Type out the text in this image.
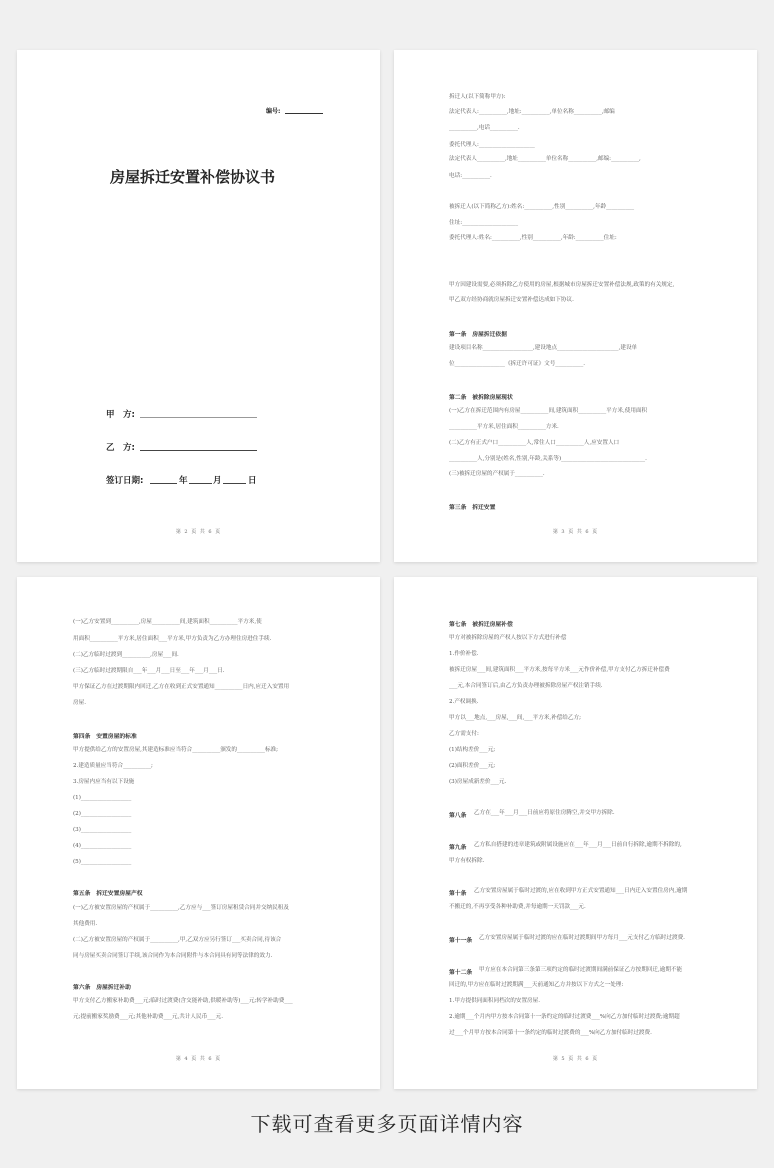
编号:
房屋拆迁安置补偿协议书
甲　方:
乙　方:
签订日期:	年	月	日
第 2 页 共 6 页
拆迁人(以下简称甲方):
法定代表人:__________,地址:__________,单位名称__________,邮编
__________,电话__________.
委托代理人:____________________
法定代表人__________,地址__________单位名称__________,邮编:__________,
电话:__________.
被拆迁人(以下简称乙方):姓名:__________,性别__________,年龄__________
住址:____________________
委托代理人:姓名:__________,性别__________,年龄:__________住址:
甲方因建设需要,必须拆除乙方使用的房屋,根据城市房屋拆迁安置补偿法规,政策的有关规定,
甲乙双方经协商就房屋拆迁安置补偿达成如下协议.
第一条　房屋拆迁依据
建设项目名称__________________,建设地点______________________,建设单
位__________________《拆迁许可证》文号__________.
第二条　被拆除房屋现状
(一)乙方在拆迁范围内有房屋__________间,建筑面积__________平方米,使用面积
__________平方米,居住面积__________方米.
(二)乙方有正式户口__________人,常住人口__________人,应安置人口
__________人,分别是(姓名,性别,年龄,关系等)______________________________.
(三)被拆迁房屋的产权属于__________.
第三条　拆迁安置
第 3 页 共 6 页
(一)乙方安置到__________,房屋__________间,建筑面积__________平方米,使
用面积__________平方米,居住面积___平方米,甲方负责为乙方办理住房进住手续.
(二)乙方临时过渡到__________,房屋___间.
(三)乙方临时过渡期限自___年___月___日至___年___月___日.
甲方保证乙方在过渡期限内回迁,乙方在收到正式安置通知__________日内,应迁入安置用
房屋.
第四条　安置房屋的标准
甲方提供给乙方的安置房屋,其建造标准应当符合__________颁发的__________标准;
2.建造质量应当符合__________;
3.房屋内应当有以下设施
(1)__________________
(2)__________________
(3)__________________
(4)__________________
(5)__________________
第五条　拆迁安置房屋产权
(一)乙方被安置房屋的产权属于__________,乙方应与___签订房屋租赁合同并交纳民租及
其他费用.
(二)乙方被安置房屋的产权属于__________,甲,乙双方应另行签订___买卖合同,待该合
同与房屋买卖合同签订手续,该合同作为本合同附件与本合同具有同等法律的效力.
第六条　房屋拆迁补助
甲方支付乙方搬家补助费___元;临时过渡费(含交能补助,供暖补助等)___元;转学补助费___
元;提前搬家奖励费___元;其他补助费___元,共计人民币___元.
第 4 页 共 6 页
第七条　被拆迁房屋补偿
甲方对被拆除房屋的产权人按以下方式进行补偿
1.作价补偿.
被拆迁房屋___间,建筑面积___平方米,按每平方米___元作价补偿,甲方支付乙方拆迁补偿费
___元,本合同签订后,由乙方负责办理被拆除房屋产权注销手续.
2.产权调换.
甲方以___地点,___房屋,___间,___平方米,补偿给乙方;
乙方需支付:
(1)结构差价___元;
(2)面积差价___元;
(3)房屋成新差价___元.
第八条 乙方在___年___月___日前应将原住房腾空,并交甲方拆除.
第九条 乙方私自搭建的违章建筑或附属设施应在___年___月___日前自行拆除,逾期不拆除的,
甲方有权拆除.
第十条 乙方安置房屋属于临时过渡的,应在收到甲方正式安置通知___日内迁入安置住房内,逾期
不搬迁的,不再享受各种补助费,并每逾期一天罚款___元.
第十一条 乙方安置房屋属于临时过渡的应在临时过渡期间甲方每月___元支付乙方临时过渡费.
第十二条 甲方应在本合同第三条第三项约定的临时过渡期间满前保证乙方按期回迁,逾期不能
回迁的,甲方应在临时过渡期满___天前通知乙方并按以下方式之一处理:
1.甲方提供同面积同档次的安置房屋.
2.逾期___个月内甲方按本合同第十一条约定的临时过渡费___%向乙方加付临时过渡费;逾期超
过___个月甲方按本合同第十一条约定的临时过渡费的___%向乙方加付临时过渡费.
第 5 页 共 6 页
下载可查看更多页面详情内容
